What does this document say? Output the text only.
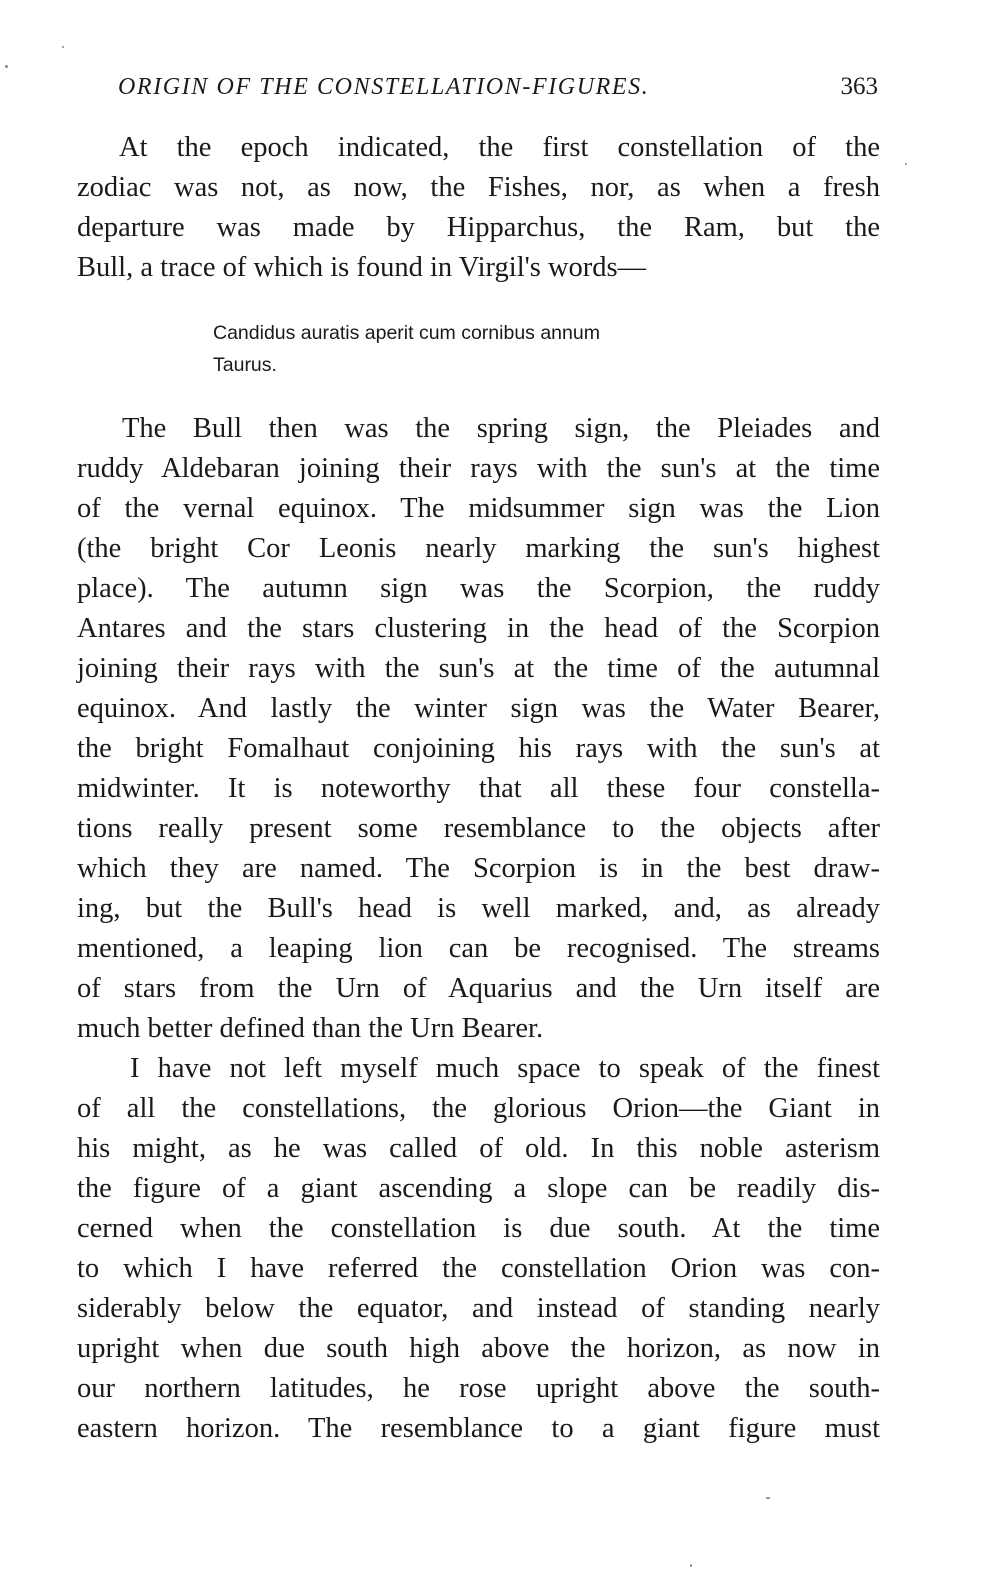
ORIGIN OF THE CONSTELLATION-FIGURES.	363
At the epoch indicated, the first constellation of the
zodiac was not, as now, the Fishes, nor, as when a fresh
departure was made by Hipparchus, the Ram, but the
Bull, a trace of which is found in Virgil's words—
Candidus auratis aperit cum cornibus annum
Taurus.
The Bull then was the spring sign, the Pleiades and
ruddy Aldebaran joining their rays with the sun's at the time
of the vernal equinox. The midsummer sign was the Lion
(the bright Cor Leonis nearly marking the sun's highest
place). The autumn sign was the Scorpion, the ruddy
Antares and the stars clustering in the head of the Scorpion
joining their rays with the sun's at the time of the autumnal
equinox. And lastly the winter sign was the Water Bearer,
the bright Fomalhaut conjoining his rays with the sun's at
midwinter. It is noteworthy that all these four constella-
tions really present some resemblance to the objects after
which they are named. The Scorpion is in the best draw-
ing, but the Bull's head is well marked, and, as already
mentioned, a leaping lion can be recognised. The streams
of stars from the Urn of Aquarius and the Urn itself are
much better defined than the Urn Bearer.
I have not left myself much space to speak of the finest
of all the constellations, the glorious Orion—the Giant in
his might, as he was called of old. In this noble asterism
the figure of a giant ascending a slope can be readily dis-
cerned when the constellation is due south. At the time
to which I have referred the constellation Orion was con-
siderably below the equator, and instead of standing nearly
upright when due south high above the horizon, as now in
our northern latitudes, he rose upright above the south-
eastern horizon. The resemblance to a giant figure must
